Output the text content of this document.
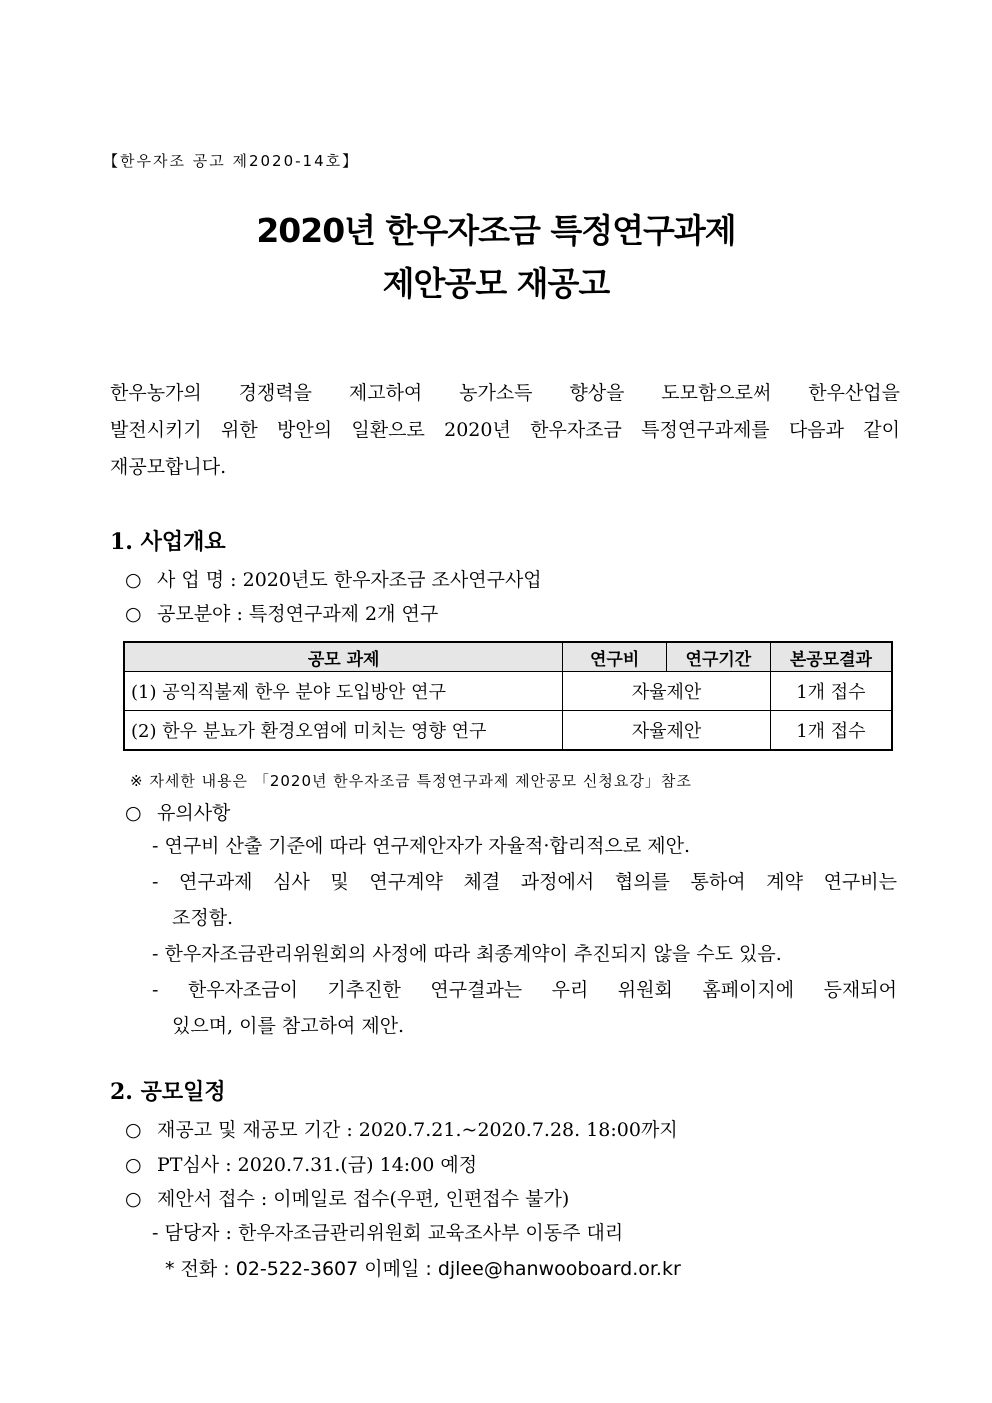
【한우자조 공고 제2020-14호】
2020년 한우자조금 특정연구과제
제안공모 재공고
한우농가의 경쟁력을 제고하여 농가소득 향상을 도모함으로써 한우산업을
발전시키기 위한 방안의 일환으로 2020년 한우자조금 특정연구과제를 다음과 같이
재공모합니다.
1. 사업개요
○ 사 업 명 : 2020년도 한우자조금 조사연구사업
○ 공모분야 : 특정연구과제 2개 연구
공모 과제	연구비	연구기간	본공모결과
(1) 공익직불제 한우 분야 도입방안 연구	자율제안		1개 접수
(2) 한우 분뇨가 환경오염에 미치는 영향 연구	자율제안		1개 접수
※ 자세한 내용은 「2020년 한우자조금 특정연구과제 제안공모 신청요강」참조
○ 유의사항
- 연구비 산출 기준에 따라 연구제안자가 자율적·합리적으로 제안.
- 연구과제 심사 및 연구계약 체결 과정에서 협의를 통하여 계약 연구비는
조정함.
- 한우자조금관리위원회의 사정에 따라 최종계약이 추진되지 않을 수도 있음.
- 한우자조금이 기추진한 연구결과는 우리 위원회 홈페이지에 등재되어
있으며, 이를 참고하여 제안.
2. 공모일정
○ 재공고 및 재공모 기간 : 2020.7.21.~2020.7.28. 18:00까지
○ PT심사 : 2020.7.31.(금) 14:00 예정
○ 제안서 접수 : 이메일로 접수(우편, 인편접수 불가)
- 담당자 : 한우자조금관리위원회 교육조사부 이동주 대리
* 전화 : 02-522-3607 이메일 : djlee@hanwooboard.or.kr
